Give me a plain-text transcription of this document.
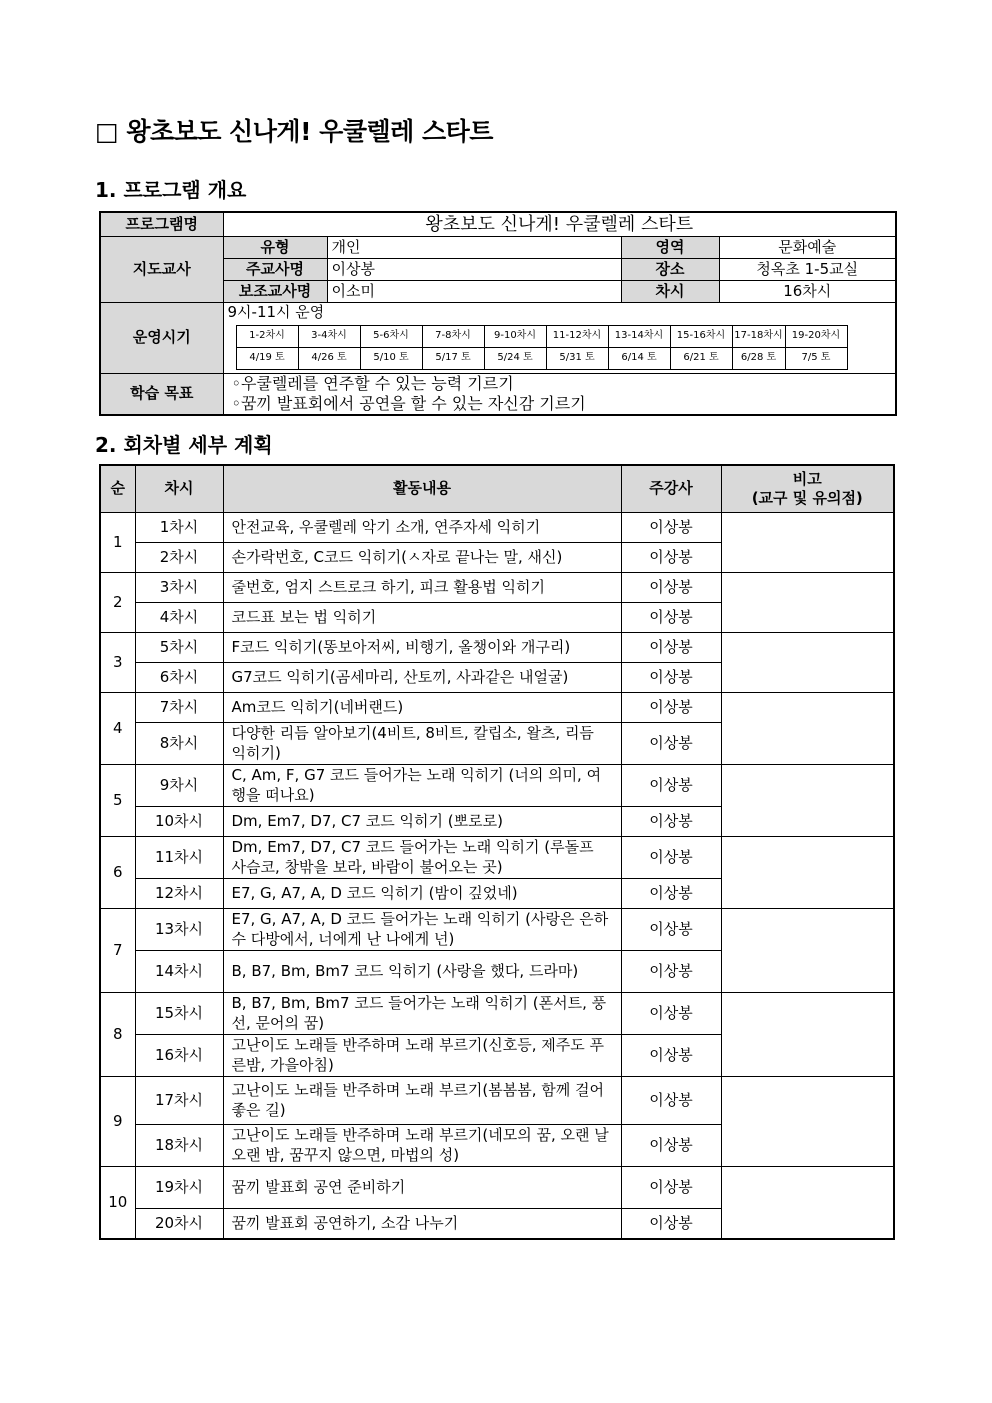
□ 왕초보도 신나게! 우쿨렐레 스타트
1. 프로그램 개요
프로그램명	왕초보도 신나게! 우쿨렐레 스타트
지도교사	유형	개인	영역	문화예술
주교사명	이상봉	장소	청옥초 1-5교실
보조교사명	이소미	차시	16차시
운영시기	
9시-11시 운영
1-2차시	3-4차시	5-6차시	7-8차시	9-10차시	11-12차시	13-14차시	15-16차시	17-18차시	19-20차시
4/19 토	4/26 토	5/10 토	5/17 토	5/24 토	5/31 토	6/14 토	6/21 토	6/28 토	7/5 토

학습 목표	
◦우쿨렐레를 연주할 수 있는 능력 기르기
◦꿈끼 발표회에서 공연을 할 수 있는 자신감 기르기
2. 회차별 세부 계획
순	차시	활동내용	주강사	비고
(교구 및 유의점)

1	1차시	안전교육, 우쿨렐레 악기 소개, 연주자세 익히기	이상봉	
	2차시	손가락번호, C코드 익히기(ㅅ자로 끝나는 말, 새신)	이상봉	
2	3차시	줄번호, 엄지 스트로크 하기, 피크 활용법 익히기	이상봉	
	4차시	코드표 보는 법 익히기	이상봉	
3	5차시	F코드 익히기(똥보아저씨, 비행기, 올챙이와 개구리)	이상봉	
	6차시	G7코드 익히기(곰세마리, 산토끼, 사과같은 내얼굴)	이상봉	
4	7차시	Am코드 익히기(네버랜드)	이상봉	
	8차시	다양한 리듬 알아보기(4비트, 8비트, 칼립소, 왈츠, 리듬 익히기)	이상봉	
5	9차시	C, Am, F, G7 코드 들어가는 노래 익히기 (너의 의미, 여행을 떠나요)	이상봉	
	10차시	Dm, Em7, D7, C7 코드 익히기 (뽀로로)	이상봉	
6	11차시	Dm, Em7, D7, C7 코드 들어가는 노래 익히기 (루돌프 사슴코, 창밖을 보라, 바람이 불어오는 곳)	이상봉	
	12차시	E7, G, A7, A, D 코드 익히기 (밤이 깊었네)	이상봉	
7	13차시	E7, G, A7, A, D 코드 들어가는 노래 익히기 (사랑은 은하수 다방에서, 너에게 난 나에게 넌)	이상봉	
	14차시	B, B7, Bm, Bm7 코드 익히기 (사랑을 했다, 드라마)	이상봉	
8	15차시	B, B7, Bm, Bm7 코드 들어가는 노래 익히기 (폰서트, 풍선, 문어의 꿈)	이상봉	
	16차시	고난이도 노래들 반주하며 노래 부르기(신호등, 제주도 푸른밤, 가을아침)	이상봉	
9	17차시	고난이도 노래들 반주하며 노래 부르기(봄봄봄, 함께 걸어 좋은 길)	이상봉	
	18차시	고난이도 노래들 반주하며 노래 부르기(네모의 꿈, 오랜 날 오랜 밤, 꿈꾸지 않으면, 마법의 성)	이상봉	
10	19차시	꿈끼 발표회 공연 준비하기	이상봉	
	20차시	꿈끼 발표회 공연하기, 소감 나누기	이상봉	
